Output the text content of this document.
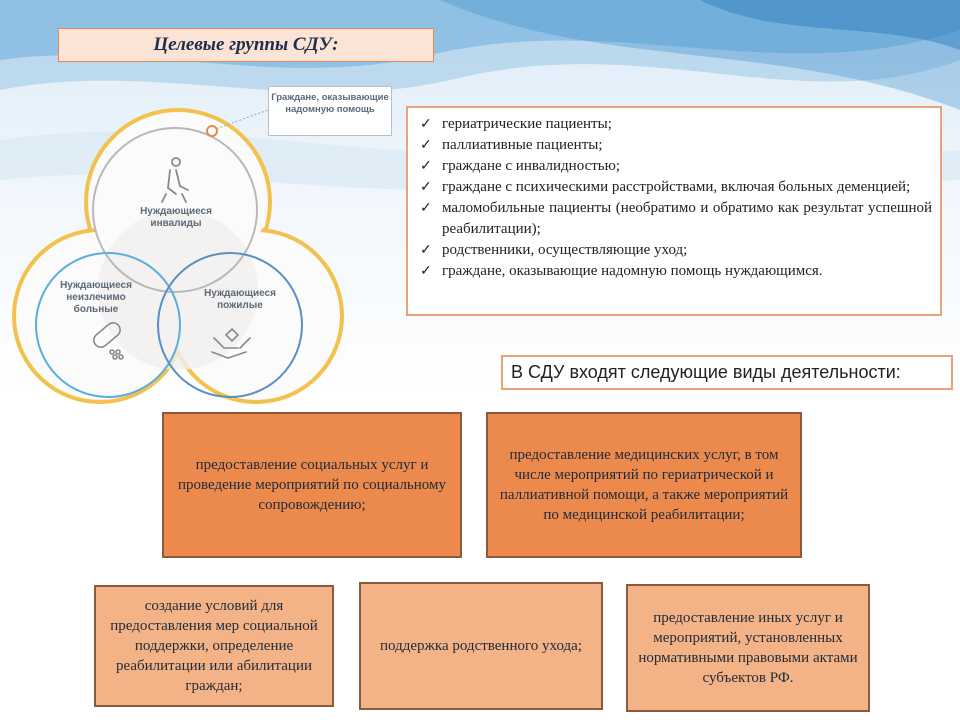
Целевые группы СДУ:
Граждане, оказывающие надомную помощь
Нуждающиеся инвалиды
Нуждающиеся неизлечимо больные
Нуждающиеся пожилые
✓ гериатрические пациенты;
✓ паллиативные пациенты;
✓ граждане с инвалидностью;
✓ граждане с психическими расстройствами, включая больных деменцией;
✓ маломобильные пациенты (необратимо и обратимо как результат успешной реабилитации);
✓ родственники, осуществляющие уход;
✓ граждане, оказывающие надомную помощь нуждающимся.
В СДУ входят следующие виды деятельности:
предоставление социальных услуг и проведение мероприятий по социальному сопровождению;
предоставление медицинских услуг, в том числе мероприятий по гериатрической и паллиативной помощи, а также мероприятий по медицинской реабилитации;
создание условий для предоставления мер социальной поддержки, определение реабилитации или абилитации граждан;
поддержка родственного ухода;
предоставление иных услуг и мероприятий, установленных нормативными правовыми актами субъектов РФ.
